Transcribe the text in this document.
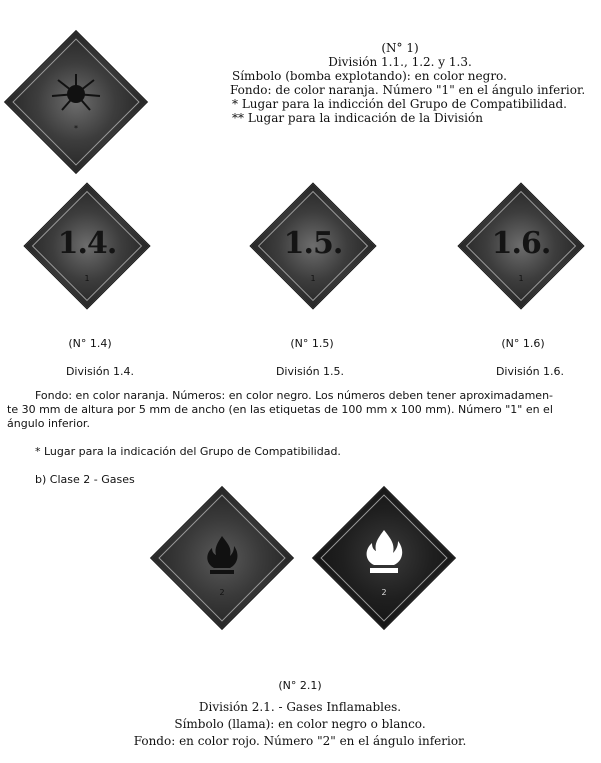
*
(N° 1)
División 1.1., 1.2. y 1.3.
Símbolo (bomba explotando): en color negro.
Fondo: de color naranja. Número "1" en el ángulo inferior.
* Lugar para la indicción del Grupo de Compatibilidad.
** Lugar para la indicación de la División
1.4.
1
1.5.
1
1.6.
1
(N° 1.4)	(N° 1.5)	(N° 1.6)
División 1.4.	División 1.5.	División 1.6.
Fondo: en color naranja. Números: en color negro. Los números deben tener aproximadamen-
te 30 mm de altura por 5 mm de ancho (en las etiquetas de 100 mm x 100 mm). Número "1" en el
ángulo inferior.
* Lugar para la indicación del Grupo de Compatibilidad.
b) Clase 2 - Gases
2	2
(N° 2.1)
División 2.1. - Gases Inflamables.
Símbolo (llama): en color negro o blanco.
Fondo: en color rojo. Número "2" en el ángulo inferior.
